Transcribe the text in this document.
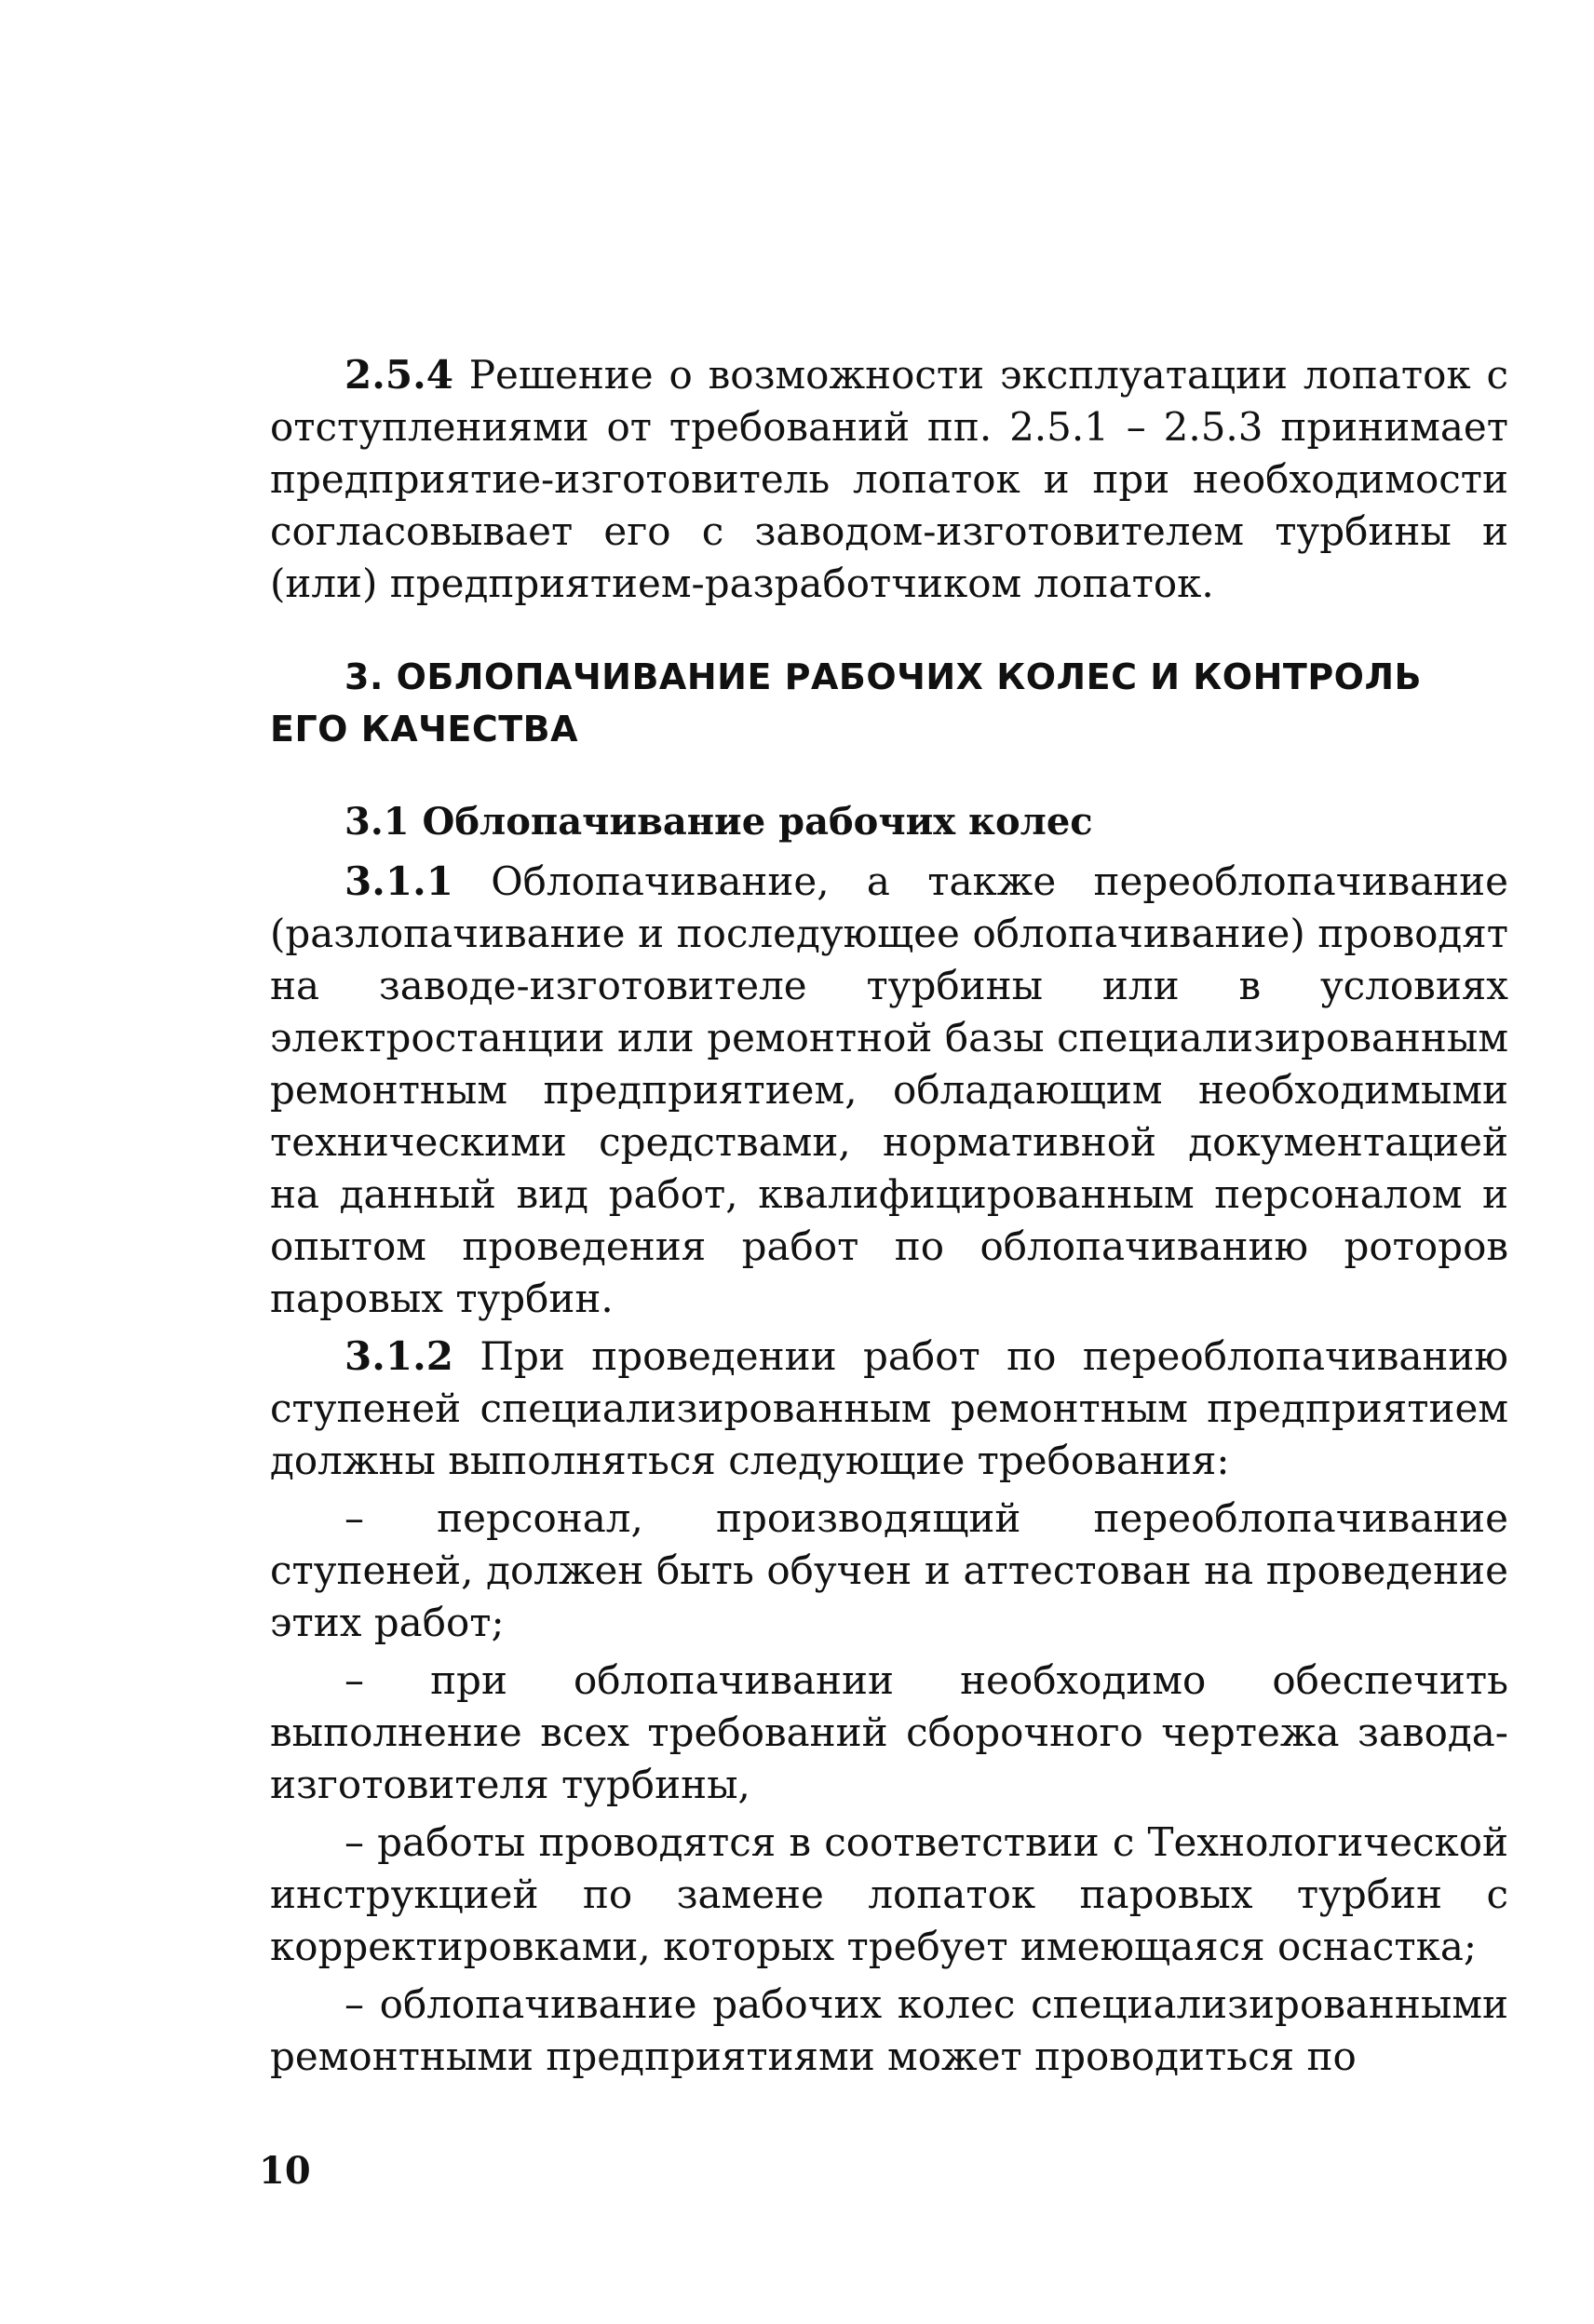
2.5.4 Решение о возможности эксплуатации лопаток с отступлениями от требований пп. 2.5.1 – 2.5.3 принимает предприятие-изготовитель лопаток и при необходимости согласовывает его с заводом-изготовителем турбины и (или) предприятием-разработчиком лопаток.

3. ОБЛОПАЧИВАНИЕ РАБОЧИХ КОЛЕС И КОНТРОЛЬ ЕГО КАЧЕСТВА
3.1 Облопачивание рабочих колес

3.1.1 Облопачивание, а также переоблопачивание (разлопачивание и последующее облопачивание) проводят на заводе-изготовителе турбины или в условиях электростанции или ремонтной базы специализированным ремонтным предприятием, обладающим необходимыми техническими средствами, нормативной документацией на данный вид работ, квалифицированным персоналом и опытом проведения работ по облопачиванию роторов паровых турбин.

3.1.2 При проведении работ по переоблопачиванию ступеней специализированным ремонтным предприятием должны выполняться следующие требования:

– персонал, производящий переоблопачивание ступеней, должен быть обучен и аттестован на проведение этих работ;

– при облопачивании необходимо обеспечить выполнение всех требований сборочного чертежа завода-изготовителя турбины,

– работы проводятся в соответствии с Технологической инструкцией по замене лопаток паровых турбин с корректировками, которых требует имеющаяся оснастка;

– облопачивание рабочих колес специализированными ремонтными предприятиями может проводиться по

10
